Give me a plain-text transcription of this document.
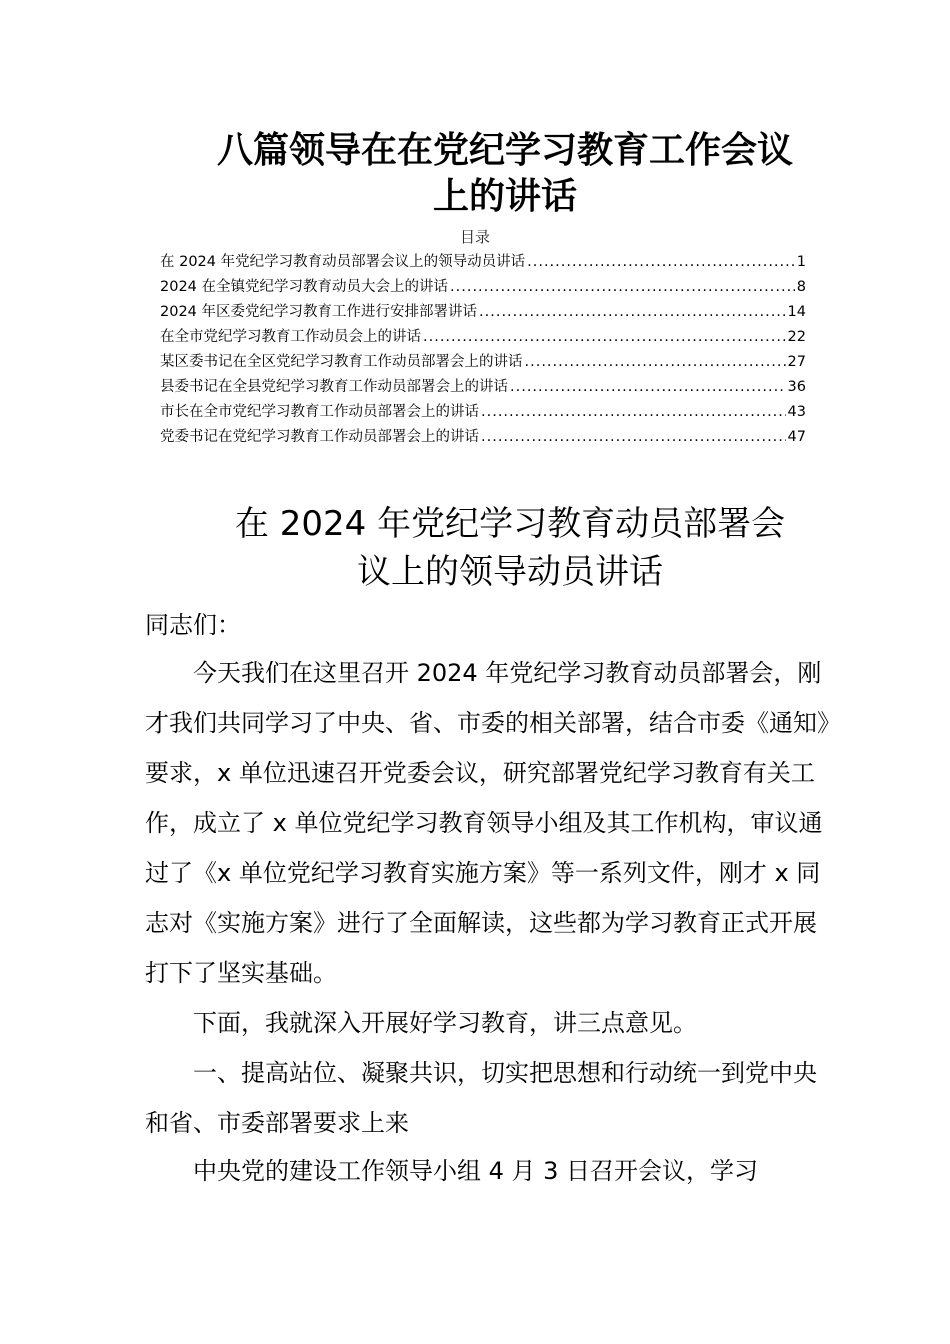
八篇领导在在党纪学习教育工作会议
上的讲话
目录
在 2024 年党纪学习教育动员部署会议上的领导动员讲话 .....	1
2024 在全镇党纪学习教育动员大会上的讲话 .....	8
2024 年区委党纪学习教育工作进行安排部署讲话 .....	14
在全市党纪学习教育工作动员会上的讲话 .....	22
某区委书记在全区党纪学习教育工作动员部署会上的讲话 .....	27
县委书记在全县党纪学习教育工作动员部署会上的讲话 .....	36
市长在全市党纪学习教育工作动员部署会上的讲话 .....	43
党委书记在党纪学习教育工作动员部署会上的讲话 .....	47
在 2024 年党纪学习教育动员部署会
议上的领导动员讲话

同志们：

今天我们在这里召开 2024 年党纪学习教育动员部署会，刚才我们共同学习了中央、省、市委的相关部署，结合市委《通知》要求，x 单位迅速召开党委会议，研究部署党纪学习教育有关工作，成立了 x 单位党纪学习教育领导小组及其工作机构，审议通过了《x 单位党纪学习教育实施方案》等一系列文件，刚才 x 同志对《实施方案》进行了全面解读，这些都为学习教育正式开展打下了坚实基础。

下面，我就深入开展好学习教育，讲三点意见。

一、提高站位、凝聚共识，切实把思想和行动统一到党中央和省、市委部署要求上来

中央党的建设工作领导小组 4 月 3 日召开会议，学习
